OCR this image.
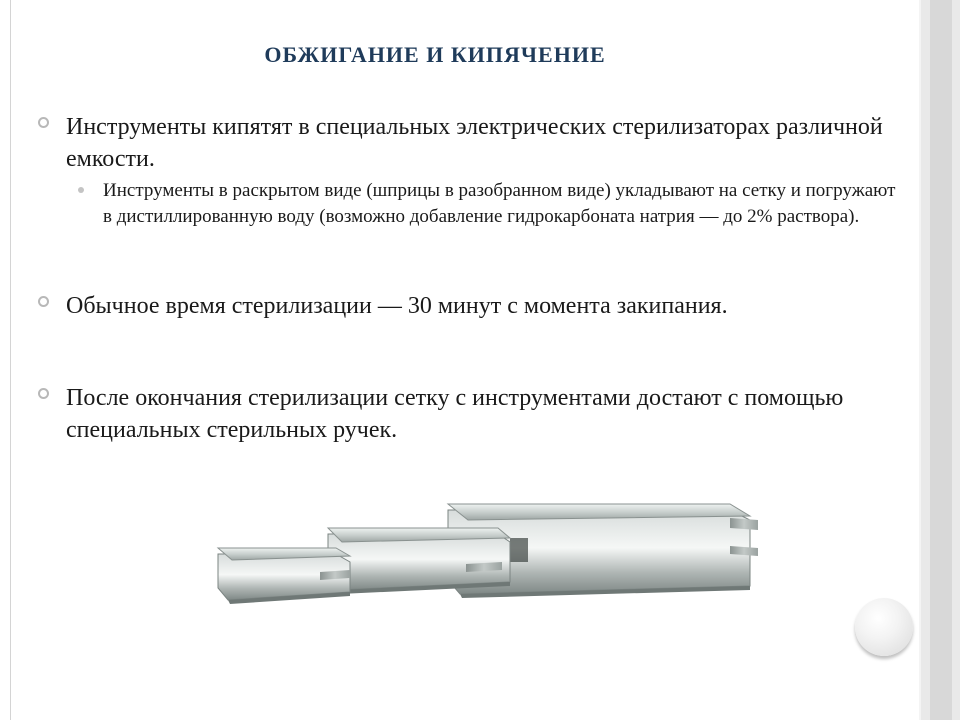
ОБЖИГАНИЕ И КИПЯЧЕНИЕ
Инструменты кипятят в специальных электрических стерилизаторах различной емкости.
Инструменты в раскрытом виде (шприцы в разобранном виде) укладывают на сетку и погружают в дистиллированную воду (возможно добавление гидрокарбоната натрия — до 2% раствора).
Обычное время стерилизации — 30 минут с момента закипания.
После окончания стерилизации сетку с инструментами достают с помощью специальных стерильных ручек.
